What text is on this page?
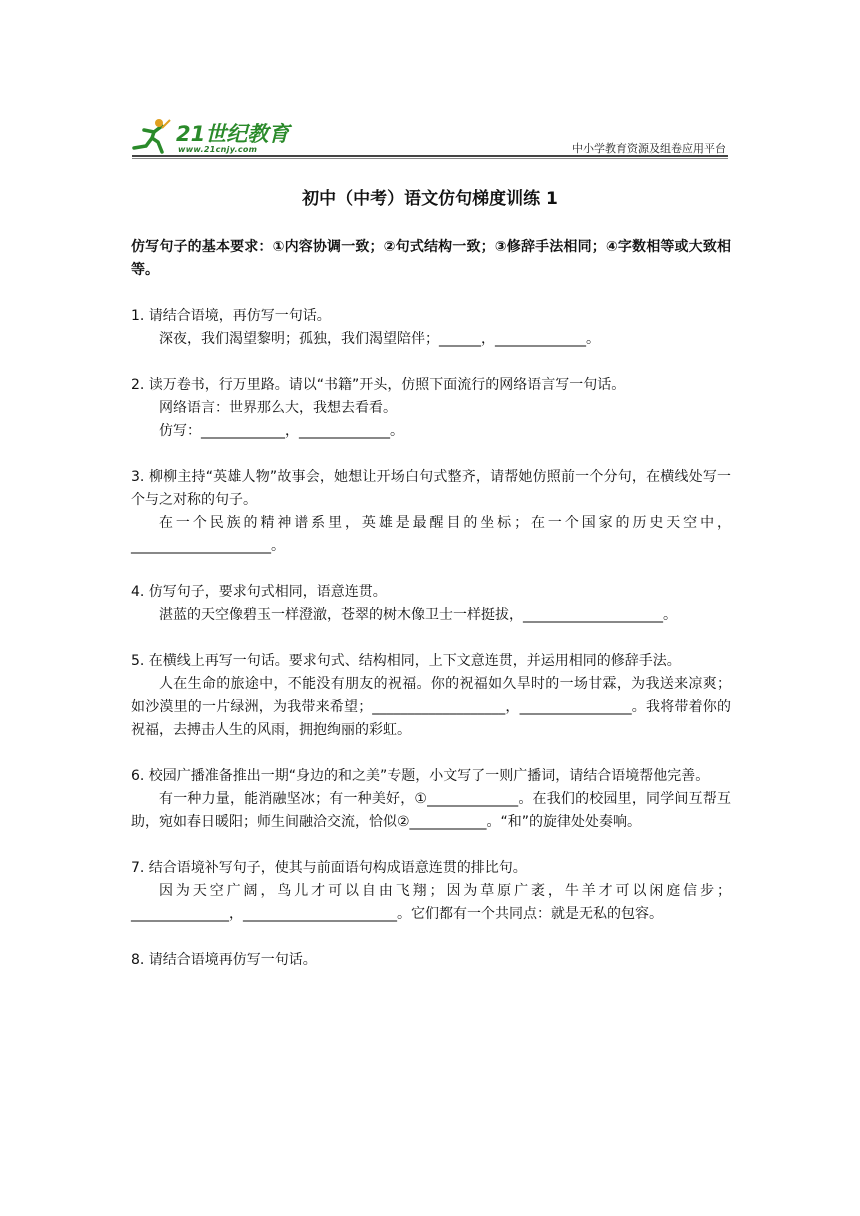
21世纪教育
www.21cnjy.com	中小学教育资源及组卷应用平台
初中（中考）语文仿句梯度训练 1

仿写句子的基本要求：①内容协调一致；②句式结构一致；③修辞手法相同；④字数相等或大致相等。

1. 请结合语境，再仿写一句话。

深夜，我们渴望黎明；孤独，我们渴望陪伴；______，_____________。

2. 读万卷书，行万里路。请以“书籍”开头，仿照下面流行的网络语言写一句话。

网络语言：世界那么大，我想去看看。

仿写：____________，_____________。

3. 柳柳主持“英雄人物”故事会，她想让开场白句式整齐，请帮她仿照前一个分句，在横线处写一个与之对称的句子。

在一个民族的精神谱系里，英雄是最醒目的坐标；在一个国家的历史天空中，____________________。

4. 仿写句子，要求句式相同，语意连贯。

湛蓝的天空像碧玉一样澄澈，苍翠的树木像卫士一样挺拔，____________________。

5. 在横线上再写一句话。要求句式、结构相同，上下文意连贯，并运用相同的修辞手法。

人在生命的旅途中，不能没有朋友的祝福。你的祝福如久旱时的一场甘霖，为我送来凉爽；如沙漠里的一片绿洲，为我带来希望；___________________，________________。我将带着你的祝福，去搏击人生的风雨，拥抱绚丽的彩虹。

6. 校园广播准备推出一期“身边的和之美”专题，小文写了一则广播词，请结合语境帮他完善。

有一种力量，能消融坚冰；有一种美好，①_____________。在我们的校园里，同学间互帮互助，宛如春日暖阳；师生间融洽交流，恰似②___________。“和”的旋律处处奏响。

7. 结合语境补写句子，使其与前面语句构成语意连贯的排比句。

因为天空广阔，鸟儿才可以自由飞翔；因为草原广袤，牛羊才可以闲庭信步；______________，______________________。它们都有一个共同点：就是无私的包容。

8. 请结合语境再仿写一句话。
